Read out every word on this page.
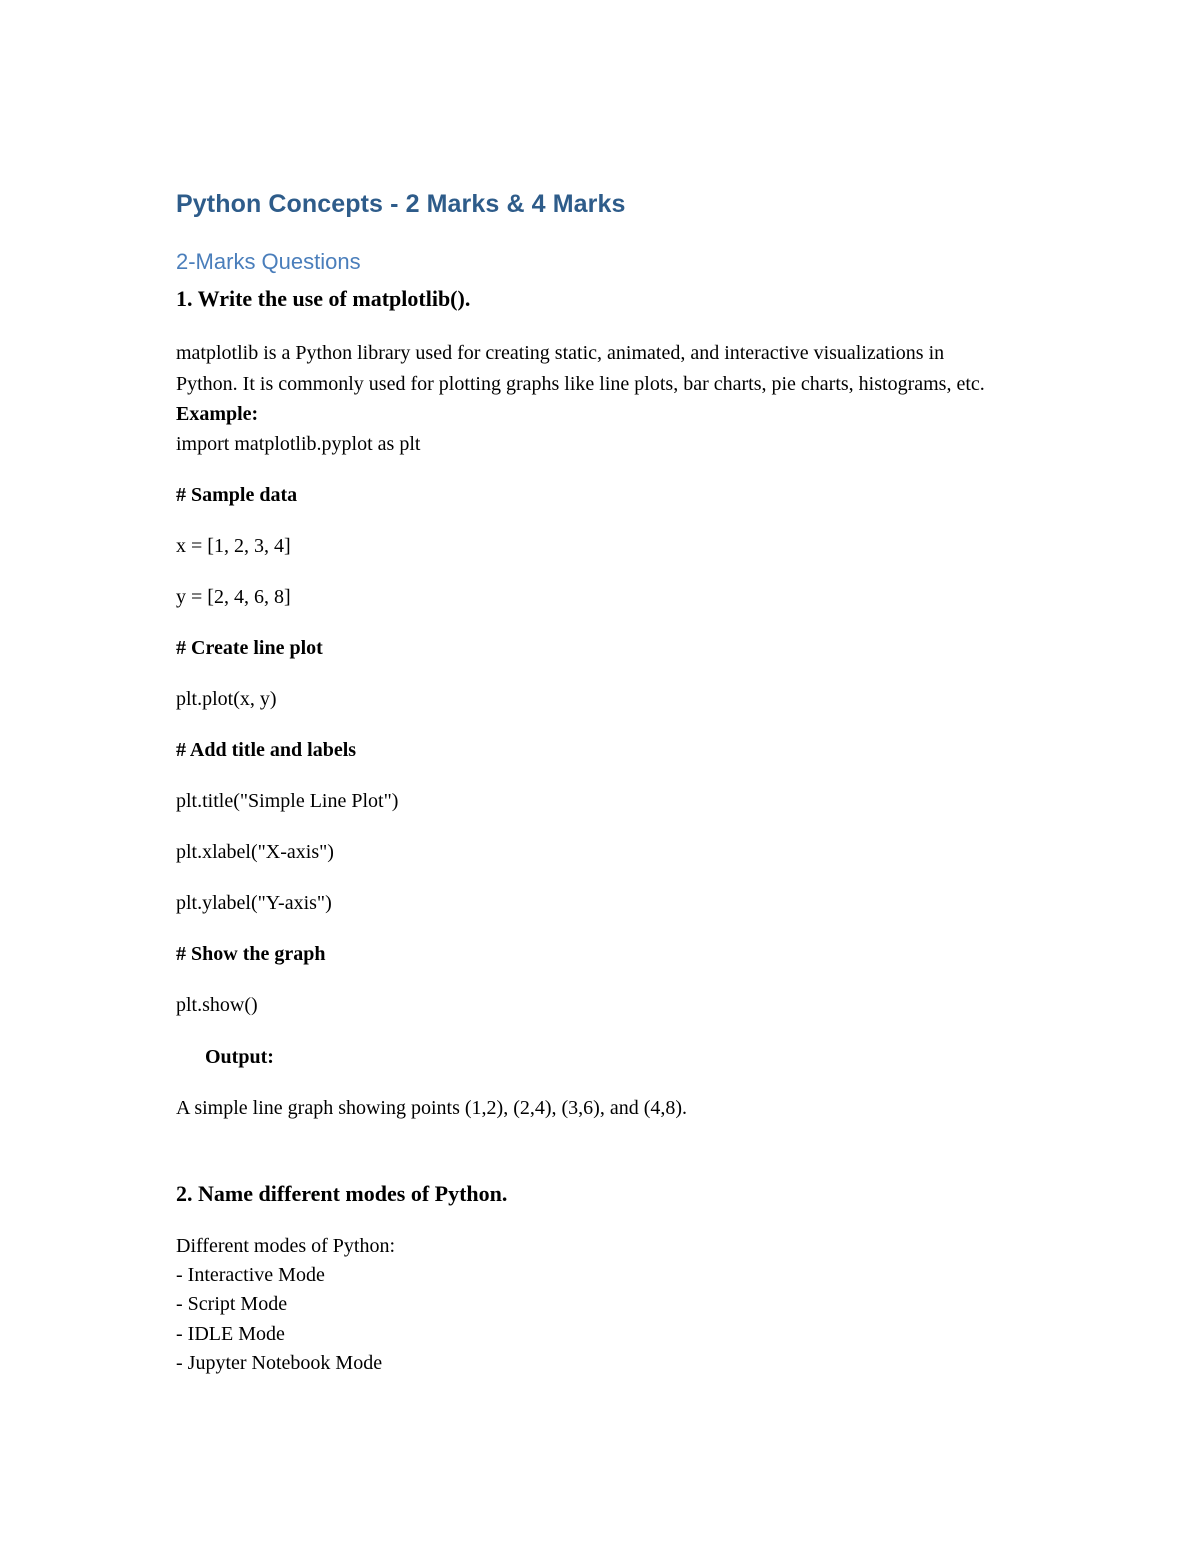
Python Concepts - 2 Marks & 4 Marks
2-Marks Questions
1. Write the use of matplotlib().

matplotlib is a Python library used for creating static, animated, and interactive visualizations in Python. It is commonly used for plotting graphs like line plots, bar charts, pie charts, histograms, etc.

Example:

import matplotlib.pyplot as plt

# Sample data

x = [1, 2, 3, 4]

y = [2, 4, 6, 8]

# Create line plot

plt.plot(x, y)

# Add title and labels

plt.title("Simple Line Plot")

plt.xlabel("X-axis")

plt.ylabel("Y-axis")

# Show the graph

plt.show()

Output:

A simple line graph showing points (1,2), (2,4), (3,6), and (4,8).

2. Name different modes of Python.

Different modes of Python:

- Interactive Mode

- Script Mode

- IDLE Mode

- Jupyter Notebook Mode
